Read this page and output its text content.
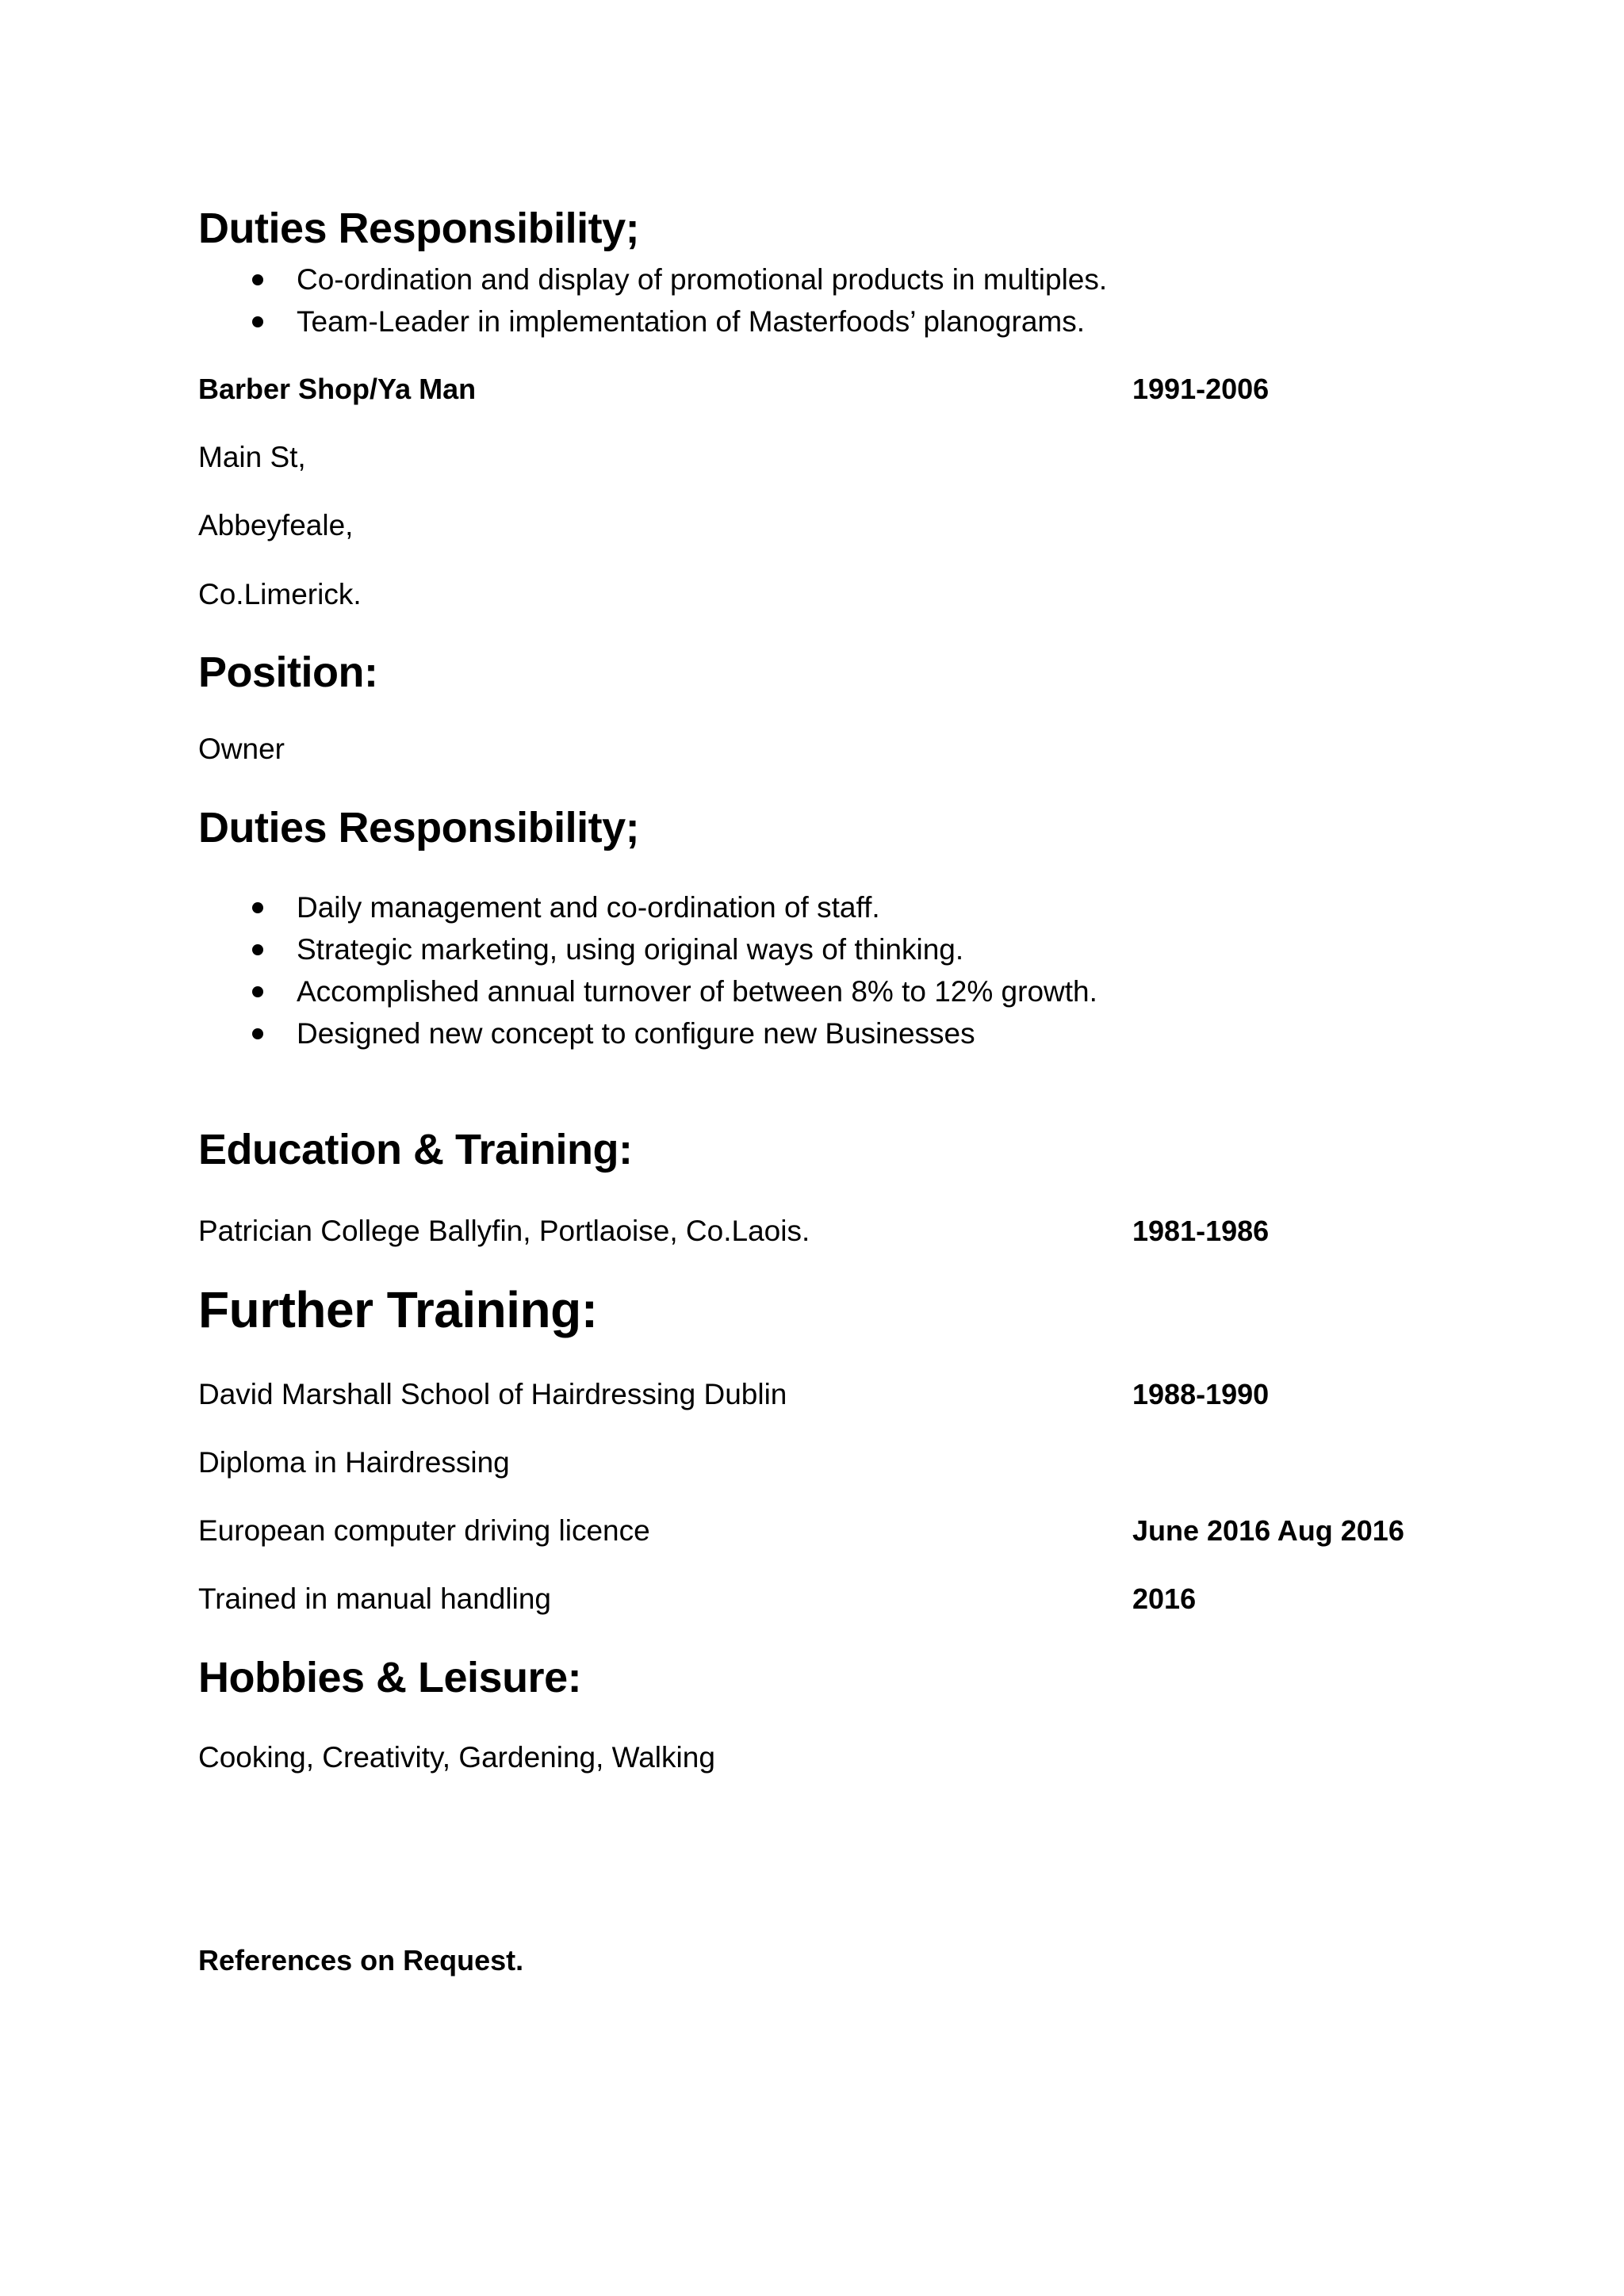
Duties Responsibility;
Co-ordination and display of promotional products in multiples.
Team-Leader in implementation of Masterfoods’ planograms.
Barber Shop/Ya Man	1991-2006
Main St,
Abbeyfeale,
Co.Limerick.
Position:
Owner
Duties Responsibility;
Daily management and co-ordination of staff.
Strategic marketing, using original ways of thinking.
Accomplished annual turnover of between 8% to 12% growth.
Designed new concept to configure new Businesses
Education & Training:
Patrician College Ballyfin, Portlaoise, Co.Laois.	1981-1986
Further Training:
David Marshall School of Hairdressing Dublin	1988-1990
Diploma in Hairdressing
European computer driving licence	June 2016 Aug 2016
Trained in manual handling	2016
Hobbies & Leisure:
Cooking, Creativity, Gardening, Walking
References on Request.
